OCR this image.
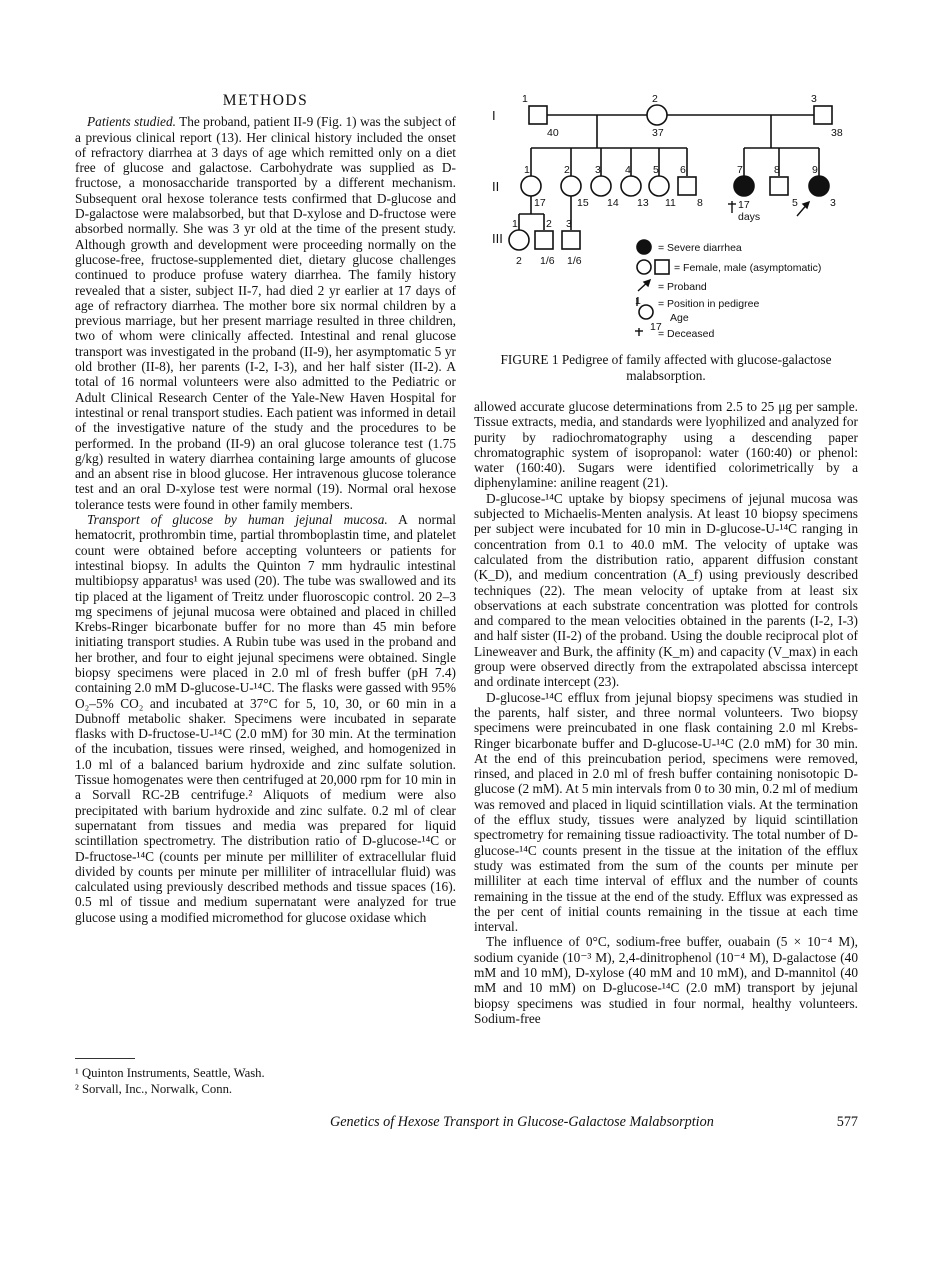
METHODS

Patients studied. The proband, patient II-9 (Fig. 1) was the subject of a previous clinical report (13). Her clinical history included the onset of refractory diarrhea at 3 days of age which remitted only on a diet free of glucose and galactose. Carbohydrate was supplied as D-fructose, a monosaccharide transported by a different mechanism. Subsequent oral hexose tolerance tests confirmed that D-glucose and D-galactose were malabsorbed, but that D-xylose and D-fructose were absorbed normally. She was 3 yr old at the time of the present study. Although growth and development were proceeding normally on the glucose-free, fructose-supplemented diet, dietary glucose challenges continued to produce profuse watery diarrhea. The family history revealed that a sister, subject II-7, had died 2 yr earlier at 17 days of age of refractory diarrhea. The mother bore six normal children by a previous marriage, but her present marriage resulted in three children, two of whom were clinically affected. Intestinal and renal glucose transport was investigated in the proband (II-9), her asymptomatic 5 yr old brother (II-8), her parents (I-2, I-3), and her half sister (II-2). A total of 16 normal volunteers were also admitted to the Pediatric or Adult Clinical Research Center of the Yale-New Haven Hospital for intestinal or renal transport studies. Each patient was informed in detail of the investigative nature of the study and the procedures to be performed. In the proband (II-9) an oral glucose tolerance test (1.75 g/kg) resulted in watery diarrhea containing large amounts of glucose and an absent rise in blood glucose. Her intravenous glucose tolerance test and an oral D-xylose test were normal (19). Normal oral hexose tolerance tests were found in other family members.

Transport of glucose by human jejunal mucosa. A normal hematocrit, prothrombin time, partial thromboplastin time, and platelet count were obtained before accepting volunteers or patients for intestinal biopsy. In adults the Quinton 7 mm hydraulic intestinal multibiopsy apparatus¹ was used (20). The tube was swallowed and its tip placed at the ligament of Treitz under fluoroscopic control. 20 2–3 mg specimens of jejunal mucosa were obtained and placed in chilled Krebs-Ringer bicarbonate buffer for no more than 45 min before initiating transport studies. A Rubin tube was used in the proband and her brother, and four to eight jejunal specimens were obtained. Single biopsy specimens were placed in 2.0 ml of fresh buffer (pH 7.4) containing 2.0 mM D-glucose-U-¹⁴C. The flasks were gassed with 95% O₂–5% CO₂ and incubated at 37°C for 5, 10, 30, or 60 min in a Dubnoff metabolic shaker. Specimens were incubated in separate flasks with D-fructose-U-¹⁴C (2.0 mM) for 30 min. At the termination of the incubation, tissues were rinsed, weighed, and homogenized in 1.0 ml of a balanced barium hydroxide and zinc sulfate solution. Tissue homogenates were then centrifuged at 20,000 rpm for 10 min in a Sorvall RC-2B centrifuge.² Aliquots of medium were also precipitated with barium hydroxide and zinc sulfate. 0.2 ml of clear supernatant from tissues and media was prepared for liquid scintillation spectrometry. The distribution ratio of D-glucose-¹⁴C or D-fructose-¹⁴C (counts per minute per milliliter of extracellular fluid divided by counts per minute per milliliter of intracellular fluid) was calculated using previously described methods and tissue spaces (16). 0.5 ml of tissue and medium supernatant were analyzed for true glucose using a modified micromethod for glucose oxidase which

¹ Quinton Instruments, Seattle, Wash.
² Sorvall, Inc., Norwalk, Conn.
I
II
III
1
40
2
37
3
38
1
17
2
15
3
14
4
13
5
11
6
8
7
17
days
8
5
9
3
1
2
2
1/6
3
1/6
1
17
= Severe diarrhea
= Female, male (asymptomatic)
= Proband
= Position in pedigree
Age
= Deceased
FIGURE 1 Pedigree of family affected with glucose-galactose malabsorption.

allowed accurate glucose determinations from 2.5 to 25 μg per sample. Tissue extracts, media, and standards were lyophilized and analyzed for purity by radiochromatography using a descending paper chromatographic system of isopropanol: water (160:40) or phenol: water (160:40). Sugars were identified colorimetrically by a diphenylamine: aniline reagent (21).

D-glucose-¹⁴C uptake by biopsy specimens of jejunal mucosa was subjected to Michaelis-Menten analysis. At least 10 biopsy specimens per subject were incubated for 10 min in D-glucose-U-¹⁴C ranging in concentration from 0.1 to 40.0 mM. The velocity of uptake was calculated from the distribution ratio, apparent diffusion constant (K_D), and medium concentration (A_f) using previously described techniques (22). The mean velocity of uptake from at least six observations at each substrate concentration was plotted for controls and compared to the mean velocities obtained in the parents (I-2, I-3) and half sister (II-2) of the proband. Using the double reciprocal plot of Lineweaver and Burk, the affinity (K_m) and capacity (V_max) in each group were observed directly from the extrapolated abscissa intercept and ordinate intercept (23).

D-glucose-¹⁴C efflux from jejunal biopsy specimens was studied in the parents, half sister, and three normal volunteers. Two biopsy specimens were preincubated in one flask containing 2.0 ml Krebs-Ringer bicarbonate buffer and D-glucose-U-¹⁴C (2.0 mM) for 30 min. At the end of this preincubation period, specimens were removed, rinsed, and placed in 2.0 ml of fresh buffer containing nonisotopic D-glucose (2 mM). At 5 min intervals from 0 to 30 min, 0.2 ml of medium was removed and placed in liquid scintillation vials. At the termination of the efflux study, tissues were analyzed by liquid scintillation spectrometry for remaining tissue radioactivity. The total number of D-glucose-¹⁴C counts present in the tissue at the initation of the efflux study was estimated from the sum of the counts per minute per milliliter at each time interval of efflux and the number of counts remaining in the tissue at the end of the study. Efflux was expressed as the per cent of initial counts remaining in the tissue at each time interval.

The influence of 0°C, sodium-free buffer, ouabain (5 × 10⁻⁴ M), sodium cyanide (10⁻³ M), 2,4-dinitrophenol (10⁻⁴ M), D-galactose (40 mM and 10 mM), D-xylose (40 mM and 10 mM), and D-mannitol (40 mM and 10 mM) on D-glucose-¹⁴C (2.0 mM) transport by jejunal biopsy specimens was studied in four normal, healthy volunteers. Sodium-free

Genetics of Hexose Transport in Glucose-Galactose Malabsorption	577
